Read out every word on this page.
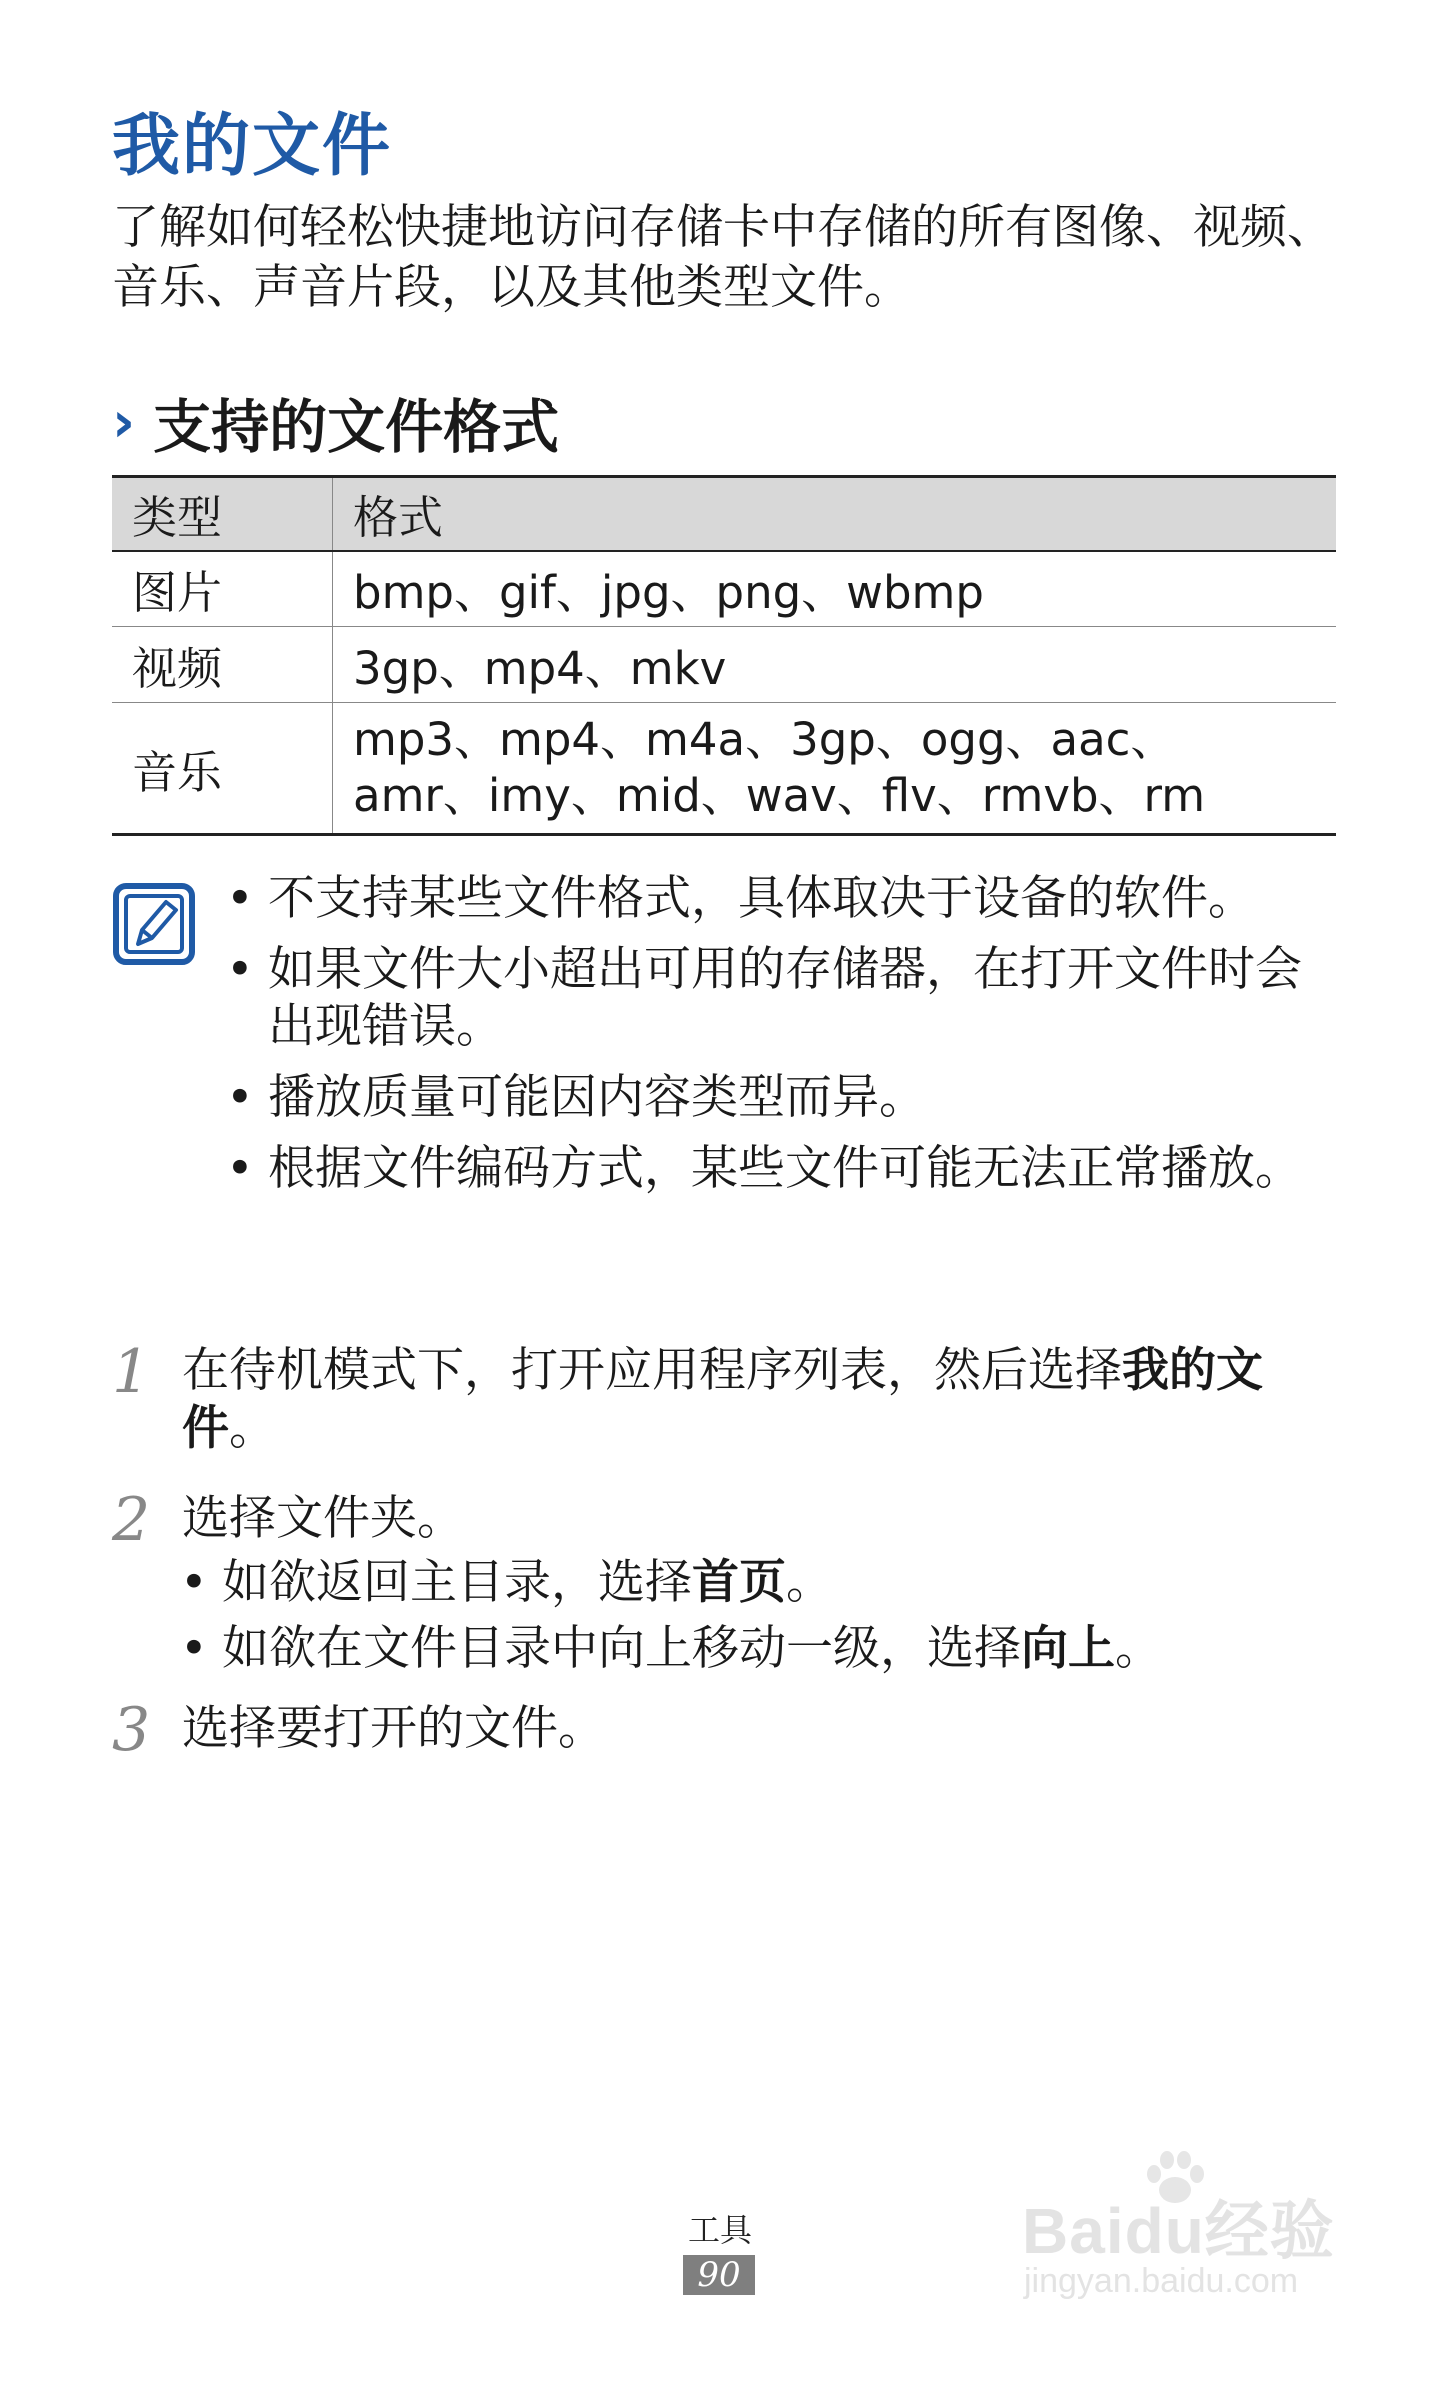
我的文件

了解如何轻松快捷地访问存储卡中存储的所有图像、视频、音乐、声音片段，以及其他类型文件。

› 支持的文件格式
类型	格式
图片	bmp、gif、jpg、png、wbmp
视频	3gp、mp4、mkv
音乐	mp3、mp4、m4a、3gp、ogg、aac、
amr、imy、mid、wav、flv、rmvb、rm
• 不支持某些文件格式，具体取决于设备的软件。
• 如果文件大小超出可用的存储器，在打开文件时会出现错误。
• 播放质量可能因内容类型而异。
• 根据文件编码方式，某些文件可能无法正常播放。
1 在待机模式下，打开应用程序列表，然后选择我的文件。
2 选择文件夹。
• 如欲返回主目录，选择首页。
• 如欲在文件目录中向上移动一级，选择向上。
3 选择要打开的文件。
工具
90
Baidu经验
jingyan.baidu.com
